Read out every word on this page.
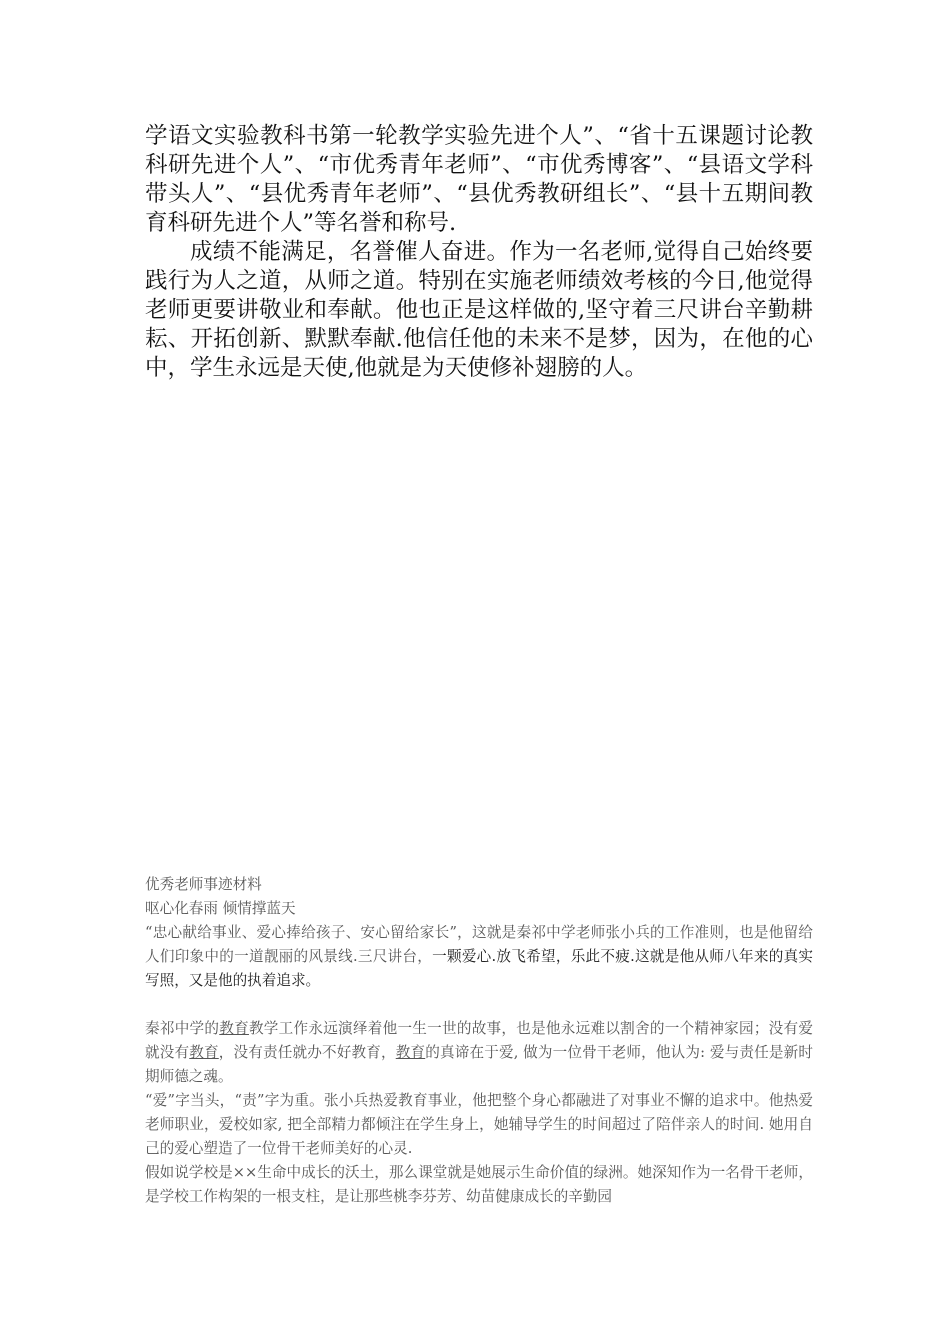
学语文实验教科书第一轮教学实验先进个人”、“省十五课题讨论教科研先进个人”、“市优秀青年老师”、“市优秀博客”、“县语文学科带头人”、“县优秀青年老师”、“县优秀教研组长”、“县十五期间教育科研先进个人”等名誉和称号.

成绩不能满足，名誉催人奋进。作为一名老师,觉得自己始终要践行为人之道，从师之道。特别在实施老师绩效考核的今日,他觉得老师更要讲敬业和奉献。他也正是这样做的,坚守着三尺讲台辛勤耕耘、开拓创新、默默奉献.他信任他的未来不是梦，因为，在他的心中，学生永远是天使,他就是为天使修补翅膀的人。

优秀老师事迹材料

呕心化春雨 倾情撑蓝天

“忠心献给事业、爱心捧给孩子、安心留给家长”，这就是秦祁中学老师张小兵的工作准则，也是他留给人们印象中的一道靓丽的风景线.三尺讲台，一颗爱心.放飞希望，乐此不疲.这就是他从师八年来的真实写照，又是他的执着追求。

秦祁中学的教育教学工作永远演绎着他一生一世的故事，也是他永远难以割舍的一个精神家园；没有爱就没有教育，没有责任就办不好教育，教育的真谛在于爱, 做为一位骨干老师，他认为: 爱与责任是新时期师德之魂。

“爱”字当头，“责”字为重。张小兵热爱教育事业，他把整个身心都融进了对事业不懈的追求中。他热爱老师职业，爱校如家, 把全部精力都倾注在学生身上，她辅导学生的时间超过了陪伴亲人的时间. 她用自己的爱心塑造了一位骨干老师美好的心灵.

假如说学校是××生命中成长的沃土，那么课堂就是她展示生命价值的绿洲。她深知作为一名骨干老师，是学校工作构架的一根支柱，是让那些桃李芬芳、幼苗健康成长的辛勤园
